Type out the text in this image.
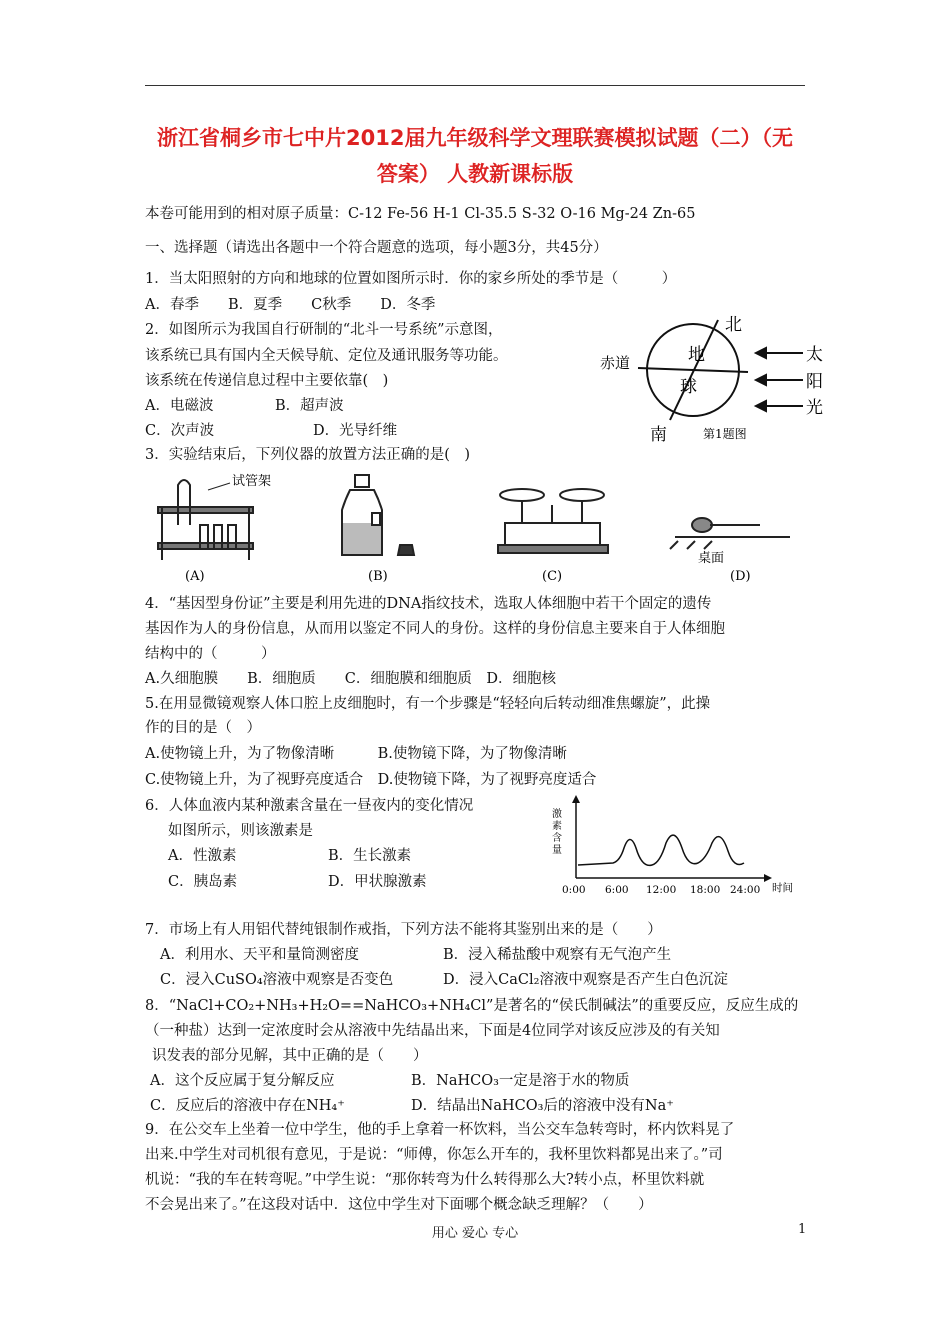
浙江省桐乡市七中片2012届九年级科学文理联赛模拟试题（二）（无
答案） 人教新课标版
本卷可能用到的相对原子质量：C-12 Fe-56 H-1 Cl-35.5 S-32 O-16 Mg-24 Zn-65
一、选择题（请选出各题中一个符合题意的选项，每小题3分，共45分）
1．当太阳照射的方向和地球的位置如图所示时．你的家乡所处的季节是（　　　）
A．春季　　B．夏季　　C秋季　　D．冬季
北
南
赤道	地
球
太
阳
光
第1题图
2．如图所示为我国自行研制的“北斗一号系统”示意图，
该系统已具有国内全天候导航、定位及通讯服务等功能。
该系统在传递信息过程中主要依靠(　)
A．电磁波	B．超声波
C．次声波	D．光导纤维
3．实验结束后，下列仪器的放置方法正确的是(　)
试管架
(A)	(B)	(C)
桌面
(D)
4．“基因型身份证”主要是利用先进的DNA指纹技术，选取人体细胞中若干个固定的遗传
基因作为人的身份信息，从而用以鉴定不同人的身份。这样的身份信息主要来自于人体细胞
结构中的（　　　）
A.久细胞膜　　B．细胞质　　C．细胞膜和细胞质　D．细胞核
5.在用显微镜观察人体口腔上皮细胞时，有一个步骤是“轻轻向后转动细准焦螺旋”，此操
作的目的是（　）
A.使物镜上升，为了物像清晰　　　B.使物镜下降，为了物像清晰
C.使物镜上升，为了视野亮度适合　D.使物镜下降，为了视野亮度适合
6．人体血液内某种激素含量在一昼夜内的变化情况
如图所示，则该激素是
A．性激素	B．生长激素
C．胰岛素	D．甲状腺激素
激
素
含
量
0:00 6:00 12:00 18:00 24:00 时间
7．市场上有人用铝代替纯银制作戒指，下列方法不能将其鉴别出来的是（　　）
A．利用水、天平和量筒测密度	B．浸入稀盐酸中观察有无气泡产生
C．浸入CuSO₄溶液中观察是否变色	D．浸入CaCl₂溶液中观察是否产生白色沉淀
8．“NaCl+CO₂+NH₃+H₂O==NaHCO₃+NH₄Cl”是著名的“侯氏制碱法”的重要反应，反应生成的
（一种盐）达到一定浓度时会从溶液中先结晶出来，下面是4位同学对该反应涉及的有关知
识发表的部分见解，其中正确的是（　　）
A．这个反应属于复分解反应	B．NaHCO₃一定是溶于水的物质
C．反应后的溶液中存在NH₄⁺	D．结晶出NaHCO₃后的溶液中没有Na⁺
9．在公交车上坐着一位中学生，他的手上拿着一杯饮料，当公交车急转弯时，杯内饮料晃了
出来.中学生对司机很有意见，于是说：“师傅，你怎么开车的，我杯里饮料都晃出来了。”司
机说：“我的车在转弯呢。”中学生说：“那你转弯为什么转得那么大?转小点，杯里饮料就
不会晃出来了。”在这段对话中．这位中学生对下面哪个概念缺乏理解？（　　）
用心 爱心 专心	1
